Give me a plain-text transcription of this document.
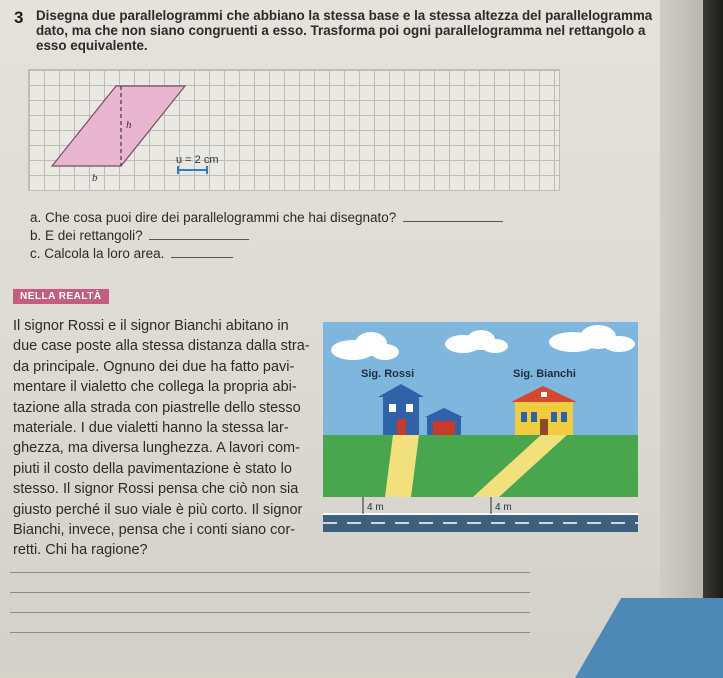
3 Disegna due parallelogrammi che abbiano la stessa base e la stessa altezza del parallelogramma dato, ma che non siano congruenti a esso. Trasforma poi ogni parallelogramma nel rettangolo a esso equivalente.
h
b
u = 2 cm
a. Che cosa puoi dire dei parallelogrammi che hai disegnato?
b. E dei rettangoli?
c. Calcola la loro area.
NELLA REALTÀ
Il signor Rossi e il signor Bianchi abitano in
due case poste alla stessa distanza dalla stra-
da principale. Ognuno dei due ha fatto pavi-
mentare il vialetto che collega la propria abi-
tazione alla strada con piastrelle dello stesso
materiale. I due vialetti hanno la stessa lar-
ghezza, ma diversa lunghezza. A lavori com-
piuti il costo della pavimentazione è stato lo
stesso. Il signor Rossi pensa che ciò non sia
giusto perché il suo viale è più corto. Il signor
Bianchi, invece, pensa che i conti siano cor-
retti. Chi ha ragione?
Sig. Rossi	Sig. Bianchi
4 m	4 m
